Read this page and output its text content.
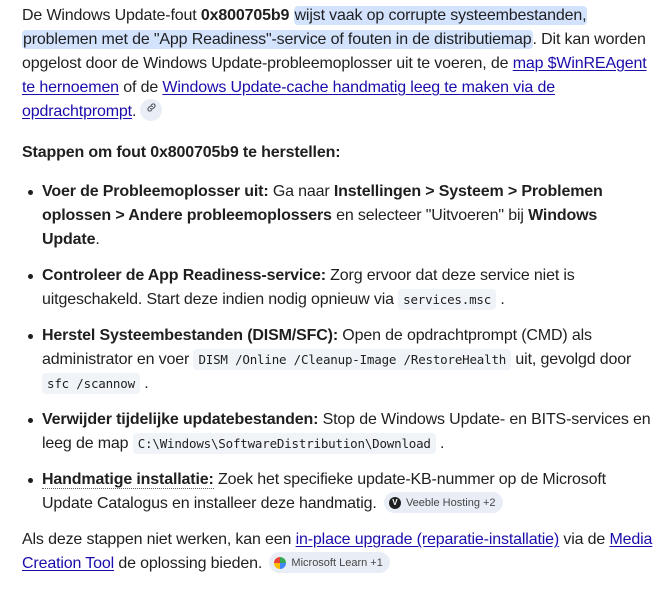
De Windows Update-fout 0x800705b9 wijst vaak op corrupte systeembestanden, problemen met de "App Readiness"-service of fouten in de distributiemap. Dit kan worden opgelost door de Windows Update-probleemoplosser uit te voeren, de map $WinREAgent te hernoemen of de Windows Update-cache handmatig leeg te maken via de opdrachtprompt.

Stappen om fout 0x800705b9 te herstellen:

Voer de Probleemoplosser uit: Ga naar Instellingen > Systeem > Problemen oplossen > Andere probleemoplossers en selecteer "Uitvoeren" bij Windows Update.
Controleer de App Readiness-service: Zorg ervoor dat deze service niet is uitgeschakeld. Start deze indien nodig opnieuw via services.msc .
Herstel Systeembestanden (DISM/SFC): Open de opdrachtprompt (CMD) als administrator en voer DISM /Online /Cleanup-Image /RestoreHealth uit, gevolgd door sfc /scannow .
Verwijder tijdelijke updatebestanden: Stop de Windows Update- en BITS-services en leeg de map C:\Windows\SoftwareDistribution\Download .
Handmatige installatie: Zoek het specifieke update-KB-nummer op de Microsoft Update Catalogus en installeer deze handmatig.	V Veeble Hosting +2

Als deze stappen niet werken, kan een in-place upgrade (reparatie-installatie) via de Media Creation Tool de oplossing bieden.	Microsoft Learn +1
